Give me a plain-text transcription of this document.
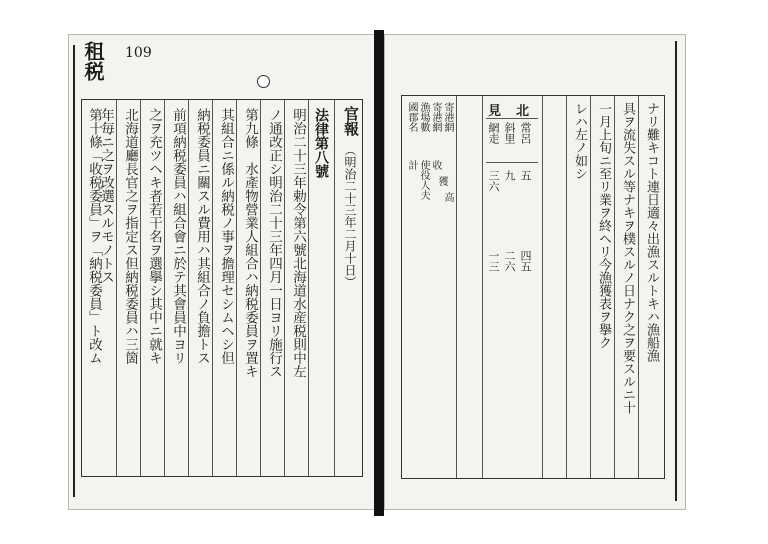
租税 109
官報
（明治二十三年二月十日）
法律第八號
明治二十三年勅令第六號北海道水産税則中左
ノ通改正シ明治二十三年四月一日ヨリ施行ス
第九條　水產物營業人組合ハ納税委員ヲ置キ
其組合ニ係ル納税ノ事ヲ擔理セシムヘシ但
納税委員ニ關スル費用ハ其組合ノ負擔トス
前項納税委員ハ組合會ニ於テ其會員中ヨリ
之ヲ充ツヘキ者若干名ヲ選擧シ其中ニ就キ
北海道廳長官之ヲ指定ス但納税委員ハ三箇
年毎ニ之ヲ改選スルモノトス
第十條「收税委員」ヲ「納税委員」ト改ム	ナリ難キコト連日適々出漁スルトキハ漁船漁
具ヲ流失スル等ナキヲ樸スルノ日ナク之ヲ要スルニ十
一月上旬ニ至リ業ヲ終ヘリ今漁獲表ヲ擧ク
レハ左ノ如シ
見 北
網走 斜里 常呂
三六 九 五
一三 二六 四五
國郡名 漁場數 寄港網 寄港網
計 使役人夫 收
獲
高
